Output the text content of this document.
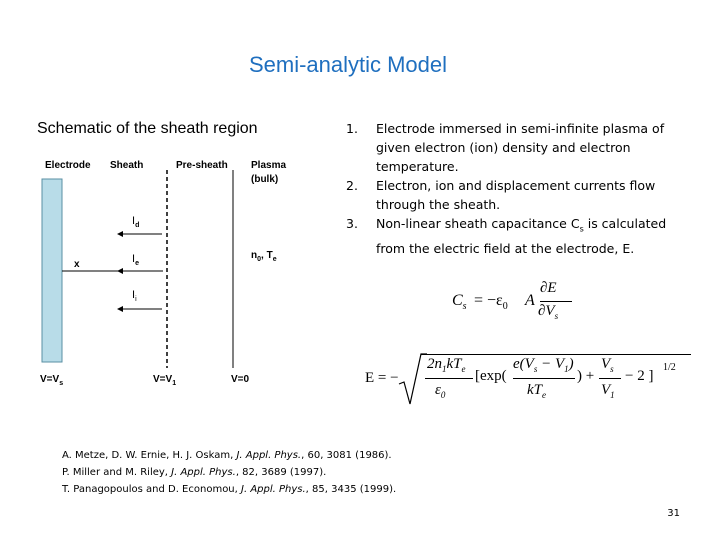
Semi-analytic Model
Schematic of the sheath region
Electrode Sheath	Pre-sheath Plasma
(bulk)
$I_d$
$I_e$
$I_i$
x
$n_0$, $T_e$
$V=V_s$	$V=V_1$	V=0
1. Electrode immersed in semi-infinite plasma of given electron (ion) density and electron temperature.
2. Electron, ion and displacement currents flow through the sheath.
3. Non-linear sheath capacitance $C_s$ is calculated from the electric field at the electrode, E.
$C_s = -\varepsilon_0$ A
∂E
$\partial V_s$
E = −
$2n_1kT_e$
$\varepsilon_0$
[exp(
$e(V_s - V_1)$
$kT_e$
) +
$V_s$
$V_1$
− 2 ]
1/2
A. Metze, D. W. Ernie, H. J. Oskam, J. Appl. Phys., 60, 3081 (1986).
P. Miller and M. Riley, J. Appl. Phys., 82, 3689 (1997).
T. Panagopoulos and D. Economou, J. Appl. Phys., 85, 3435 (1999).
31
